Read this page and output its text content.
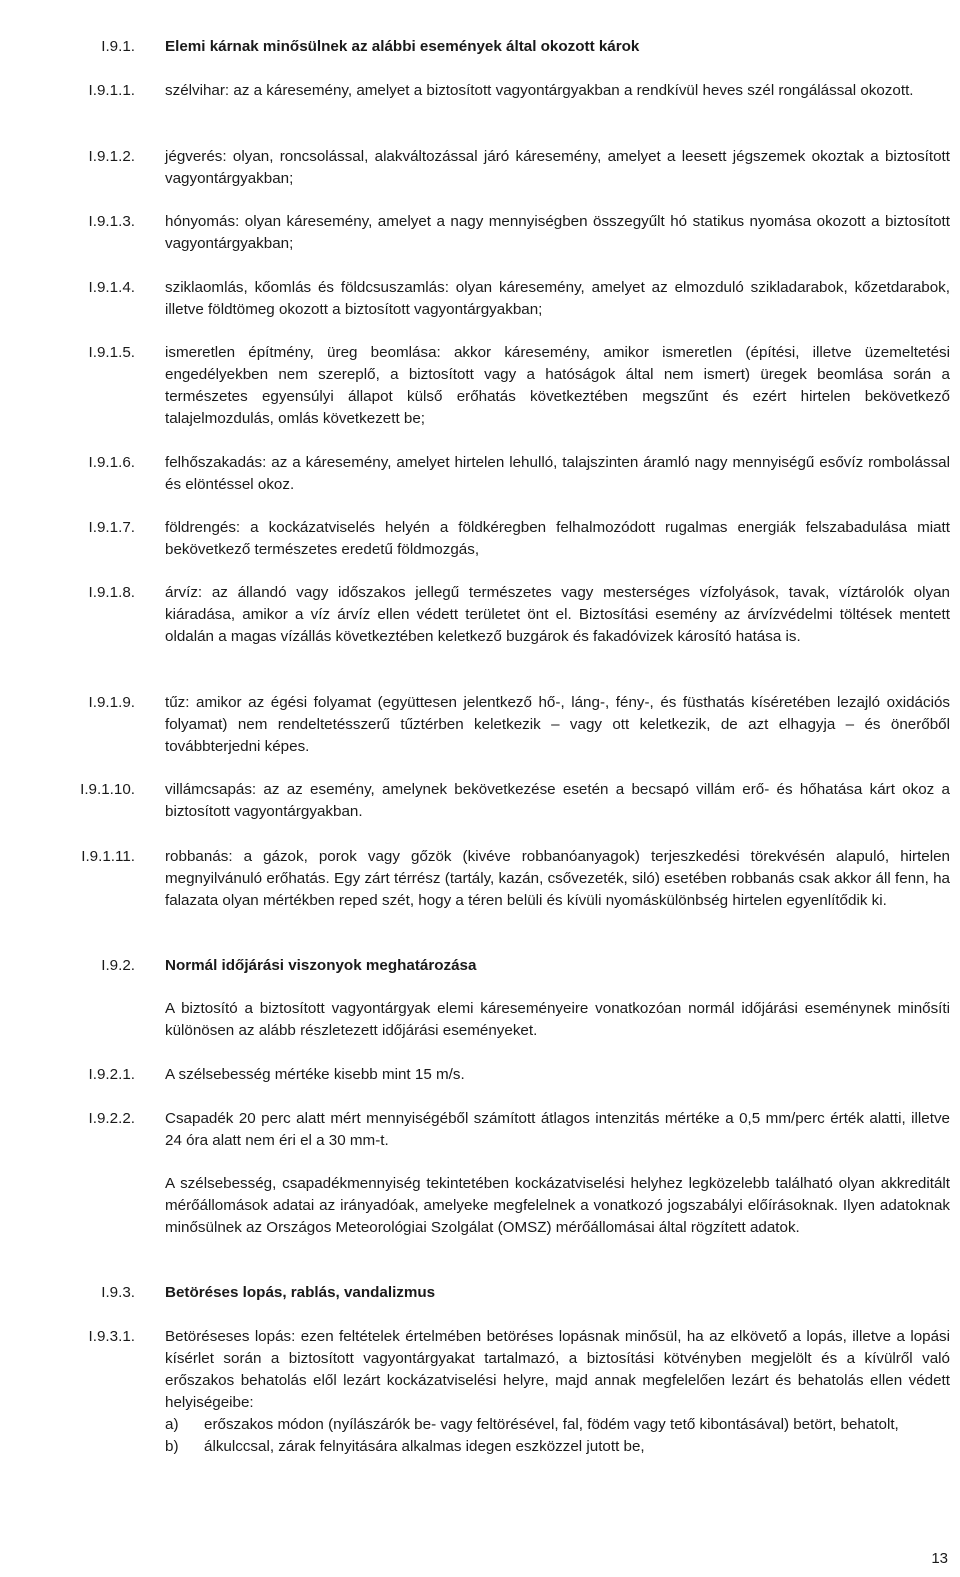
I.9.1. Elemi kárnak minősülnek az alábbi események által okozott károk
I.9.1.1. szélvihar: az a káresemény, amelyet a biztosított vagyontárgyakban a rendkívül heves szél rongálással okozott.
I.9.1.2. jégverés: olyan, roncsolással, alakváltozással járó káresemény, amelyet a leesett jégszemek okoztak a biztosított vagyontárgyakban;
I.9.1.3. hónyomás: olyan káresemény, amelyet a nagy mennyiségben összegyűlt hó statikus nyomása okozott a biztosított vagyontárgyakban;
I.9.1.4. sziklaomlás, kőomlás és földcsuszamlás: olyan káresemény, amelyet az elmozduló szikladarabok, kőzetdarabok, illetve földtömeg okozott a biztosított vagyontárgyakban;
I.9.1.5. ismeretlen építmény, üreg beomlása: akkor káresemény, amikor ismeretlen (építési, illetve üzemeltetési engedélyekben nem szereplő, a biztosított vagy a hatóságok által nem ismert) üregek beomlása során a természetes egyensúlyi állapot külső erőhatás következtében megszűnt és ezért hirtelen bekövetkező talajelmozdulás, omlás következett be;
I.9.1.6. felhőszakadás: az a káresemény, amelyet hirtelen lehulló, talajszinten áramló nagy mennyiségű esővíz rombolással és elöntéssel okoz.
I.9.1.7. földrengés: a kockázatviselés helyén a földkéregben felhalmozódott rugalmas energiák felszabadulása miatt bekövetkező természetes eredetű földmozgás,
I.9.1.8. árvíz: az állandó vagy időszakos jellegű természetes vagy mesterséges vízfolyások, tavak, víztárolók olyan kiáradása, amikor a víz árvíz ellen védett területet önt el. Biztosítási esemény az árvízvédelmi töltések mentett oldalán a magas vízállás következtében keletkező buzgárok és fakadóvizek károsító hatása is.
I.9.1.9. tűz: amikor az égési folyamat (együttesen jelentkező hő-, láng-, fény-, és füsthatás kíséretében lezajló oxidációs folyamat) nem rendeltetésszerű tűztérben keletkezik – vagy ott keletkezik, de azt elhagyja – és önerőből továbbterjedni képes.
I.9.1.10. villámcsapás: az az esemény, amelynek bekövetkezése esetén a becsapó villám erő- és hőhatása kárt okoz a biztosított vagyontárgyakban.
I.9.1.11. robbanás: a gázok, porok vagy gőzök (kivéve robbanóanyagok) terjeszkedési törekvésén alapuló, hirtelen megnyilvánuló erőhatás. Egy zárt térrész (tartály, kazán, csővezeték, siló) esetében robbanás csak akkor áll fenn, ha falazata olyan mértékben reped szét, hogy a téren belüli és kívüli nyomáskülönbség hirtelen egyenlítődik ki.
I.9.2. Normál időjárási viszonyok meghatározása
A biztosító a biztosított vagyontárgyak elemi káreseményeire vonatkozóan normál időjárási eseménynek minősíti különösen az alább részletezett időjárási eseményeket.
I.9.2.1. A szélsebesség mértéke kisebb mint 15 m/s.
I.9.2.2. Csapadék 20 perc alatt mért mennyiségéből számított átlagos intenzitás mértéke a 0,5 mm/perc érték alatti, illetve 24 óra alatt nem éri el a 30 mm-t.
A szélsebesség, csapadékmennyiség tekintetében kockázatviselési helyhez legközelebb található olyan akkreditált mérőállomások adatai az irányadóak, amelyeke megfelelnek a vonatkozó jogszabályi előírásoknak. Ilyen adatoknak minősülnek az Országos Meteorológiai Szolgálat (OMSZ) mérőállomásai által rögzített adatok.
I.9.3. Betöréses lopás, rablás, vandalizmus
I.9.3.1. Betöréseses lopás: ezen feltételek értelmében betöréses lopásnak minősül, ha az elkövető a lopás, illetve a lopási kísérlet során a biztosított vagyontárgyakat tartalmazó, a biztosítási kötvényben megjelölt és a kívülről való erőszakos behatolás elől lezárt kockázatviselési helyre, majd annak megfelelően lezárt és behatolás ellen védett helyiségeibe:
a) erőszakos módon (nyílászárók be- vagy feltörésével, fal, födém vagy tető kibontásával) betört, behatolt,
b) álkulccsal, zárak felnyitására alkalmas idegen eszközzel jutott be,
13
